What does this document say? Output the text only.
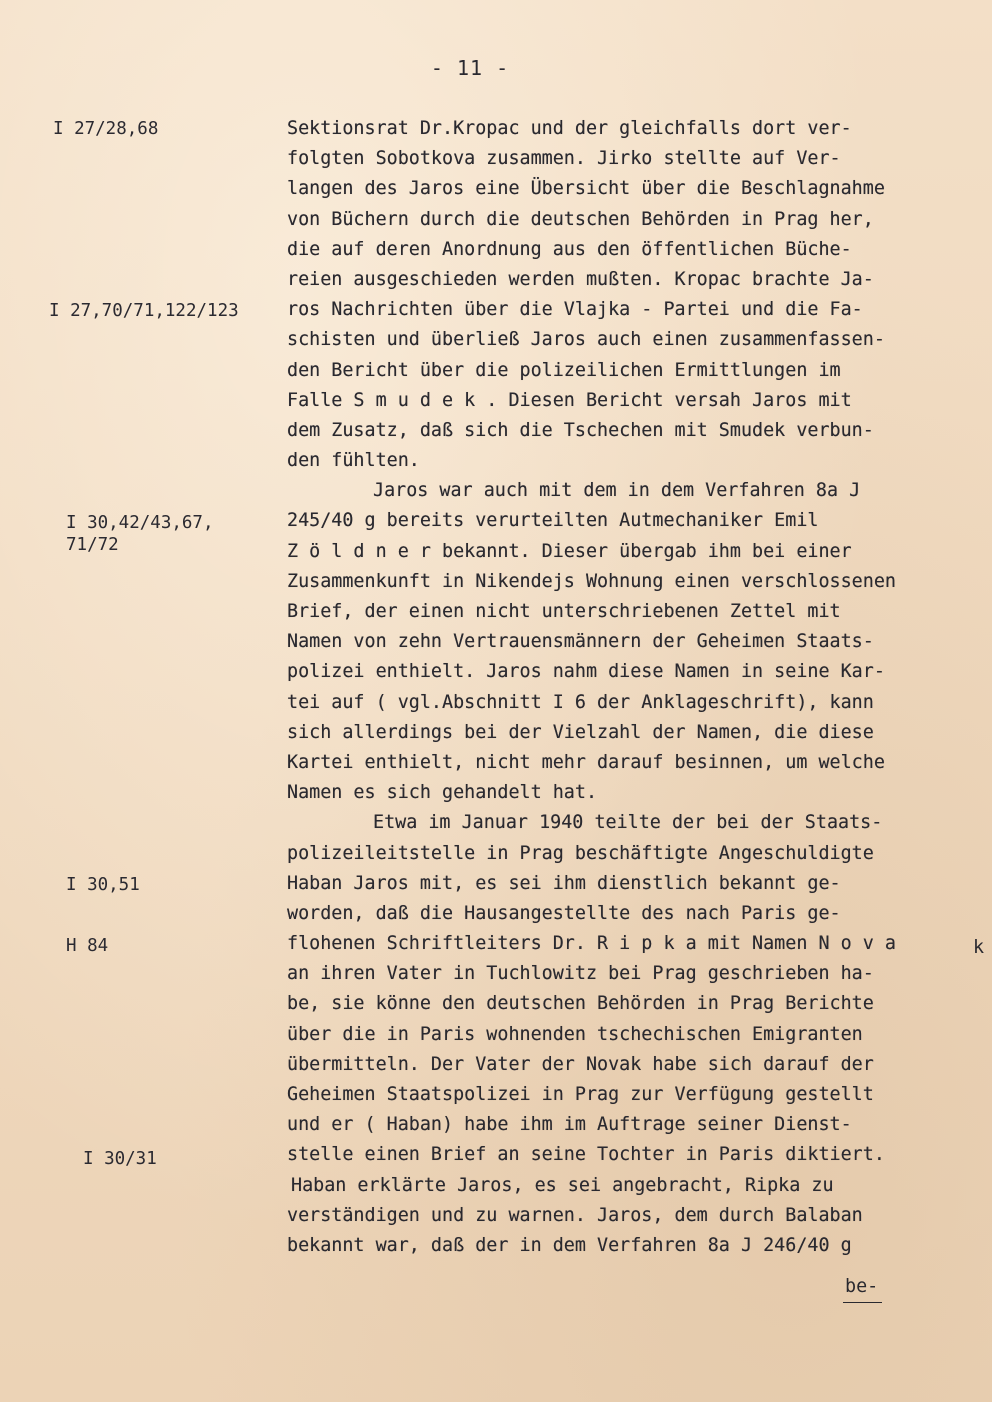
- 11 -
I 27/28,68
I 27,70/71,122/123
I 30,42/43,67,
71/72
I 30,51
H 84
I 30/31
Sektionsrat Dr.Kropac und der gleichfalls dort ver-
folgten Sobotkova zusammen. Jirko stellte auf Ver-
langen des Jaros eine Übersicht über die Beschlagnahme
von Büchern durch die deutschen Behörden in Prag her,
die auf deren Anordnung aus den öffentlichen Büche-
reien ausgeschieden werden mußten. Kropac brachte Ja-
ros Nachrichten über die Vlajka - Partei und die Fa-
schisten und überließ Jaros auch einen zusammenfassen-
den Bericht über die polizeilichen Ermittlungen im
Falle S m u d e k . Diesen Bericht versah Jaros mit
dem Zusatz, daß sich die Tschechen mit Smudek verbun-
den fühlten.
Jaros war auch mit dem in dem Verfahren 8a J
245/40 g bereits verurteilten Autmechaniker Emil
Z ö l d n e r bekannt. Dieser übergab ihm bei einer
Zusammenkunft in Nikendejs Wohnung einen verschlossenen
Brief, der einen nicht unterschriebenen Zettel mit
Namen von zehn Vertrauensmännern der Geheimen Staats-
polizei enthielt. Jaros nahm diese Namen in seine Kar-
tei auf ( vgl.Abschnitt I 6 der Anklageschrift), kann
sich allerdings bei der Vielzahl der Namen, die diese
Kartei enthielt, nicht mehr darauf besinnen, um welche
Namen es sich gehandelt hat.
Etwa im Januar 1940 teilte der bei der Staats-
polizeileitstelle in Prag beschäftigte Angeschuldigte
Haban Jaros mit, es sei ihm dienstlich bekannt ge-
worden, daß die Hausangestellte des nach Paris ge-
flohenen Schriftleiters Dr. R i p k a mit Namen N o v a
an ihren Vater in Tuchlowitz bei Prag geschrieben ha-
be, sie könne den deutschen Behörden in Prag Berichte
über die in Paris wohnenden tschechischen Emigranten
übermitteln. Der Vater der Novak habe sich darauf der
Geheimen Staatspolizei in Prag zur Verfügung gestellt
und er ( Haban) habe ihm im Auftrage seiner Dienst-
stelle einen Brief an seine Tochter in Paris diktiert.
Haban erklärte Jaros, es sei angebracht, Ripka zu
verständigen und zu warnen. Jaros, dem durch Balaban
bekannt war, daß der in dem Verfahren 8a J 246/40 g
k
be-
